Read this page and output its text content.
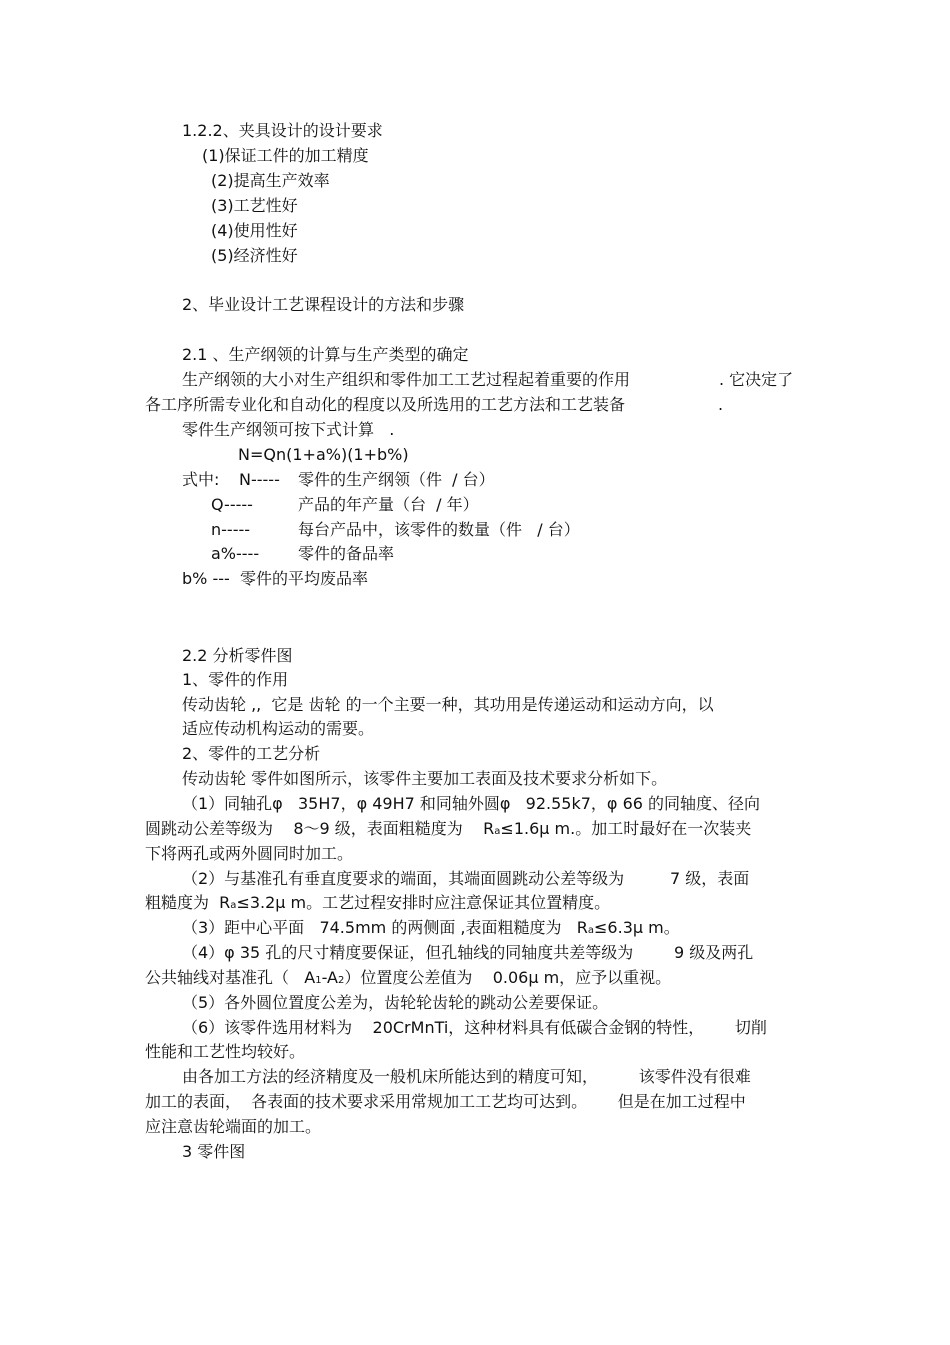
1.2.2、夹具设计的设计要求
(1)保证工件的加工精度
(2)提高生产效率
(3)工艺性好
(4)使用性好
(5)经济性好
2、毕业设计工艺课程设计的方法和步骤
2.1 、生产纲领的计算与生产类型的确定
生产纲领的大小对生产组织和零件加工工艺过程起着重要的作用	. 它决定了
各工序所需专业化和自动化的程度以及所选用的工艺方法和工艺装备	.
零件生产纲领可按下式计算   .
N=Qn(1+a%)(1+b%)
式中: N----- 零件的生产纲领（件  / 台）
Q-----	产品的年产量（台  / 年）
n-----	每台产品中，该零件的数量（件   / 台）
a%---- 零件的备品率
b% ---  零件的平均废品率
2.2 分析零件图
1、零件的作用
传动齿轮 ,,  它是 齿轮 的一个主要一种，其功用是传递运动和运动方向，以
适应传动机构运动的需要。
2、零件的工艺分析
传动齿轮 零件如图所示，该零件主要加工表面及技术要求分析如下。
（1）同轴孔φ   35H7，φ 49H7 和同轴外圆φ   92.55k7，φ 66 的同轴度、径向
圆跳动公差等级为    8～9 级，表面粗糙度为    Ra≤1.6μ m.。加工时最好在一次装夹
下将两孔或两外圆同时加工。
（2）与基准孔有垂直度要求的端面，其端面圆跳动公差等级为         7 级，表面
粗糙度为  Ra≤3.2μ m。工艺过程安排时应注意保证其位置精度。
（3）距中心平面   74.5mm 的两侧面 ,表面粗糙度为   Ra≤6.3μ m。
（4）φ 35 孔的尺寸精度要保证，但孔轴线的同轴度共差等级为        9 级及两孔
公共轴线对基准孔（   A1-A2）位置度公差值为    0.06μ m，应予以重视。
（5）各外圆位置度公差为，齿轮轮齿轮的跳动公差要保证。
（6）该零件选用材料为    20CrMnTi，这种材料具有低碳合金钢的特性，      切削
性能和工艺性均较好。
由各加工方法的经济精度及一般机床所能达到的精度可知，        该零件没有很难
加工的表面，  各表面的技术要求采用常规加工工艺均可达到。      但是在加工过程中
应注意齿轮端面的加工。
3 零件图
